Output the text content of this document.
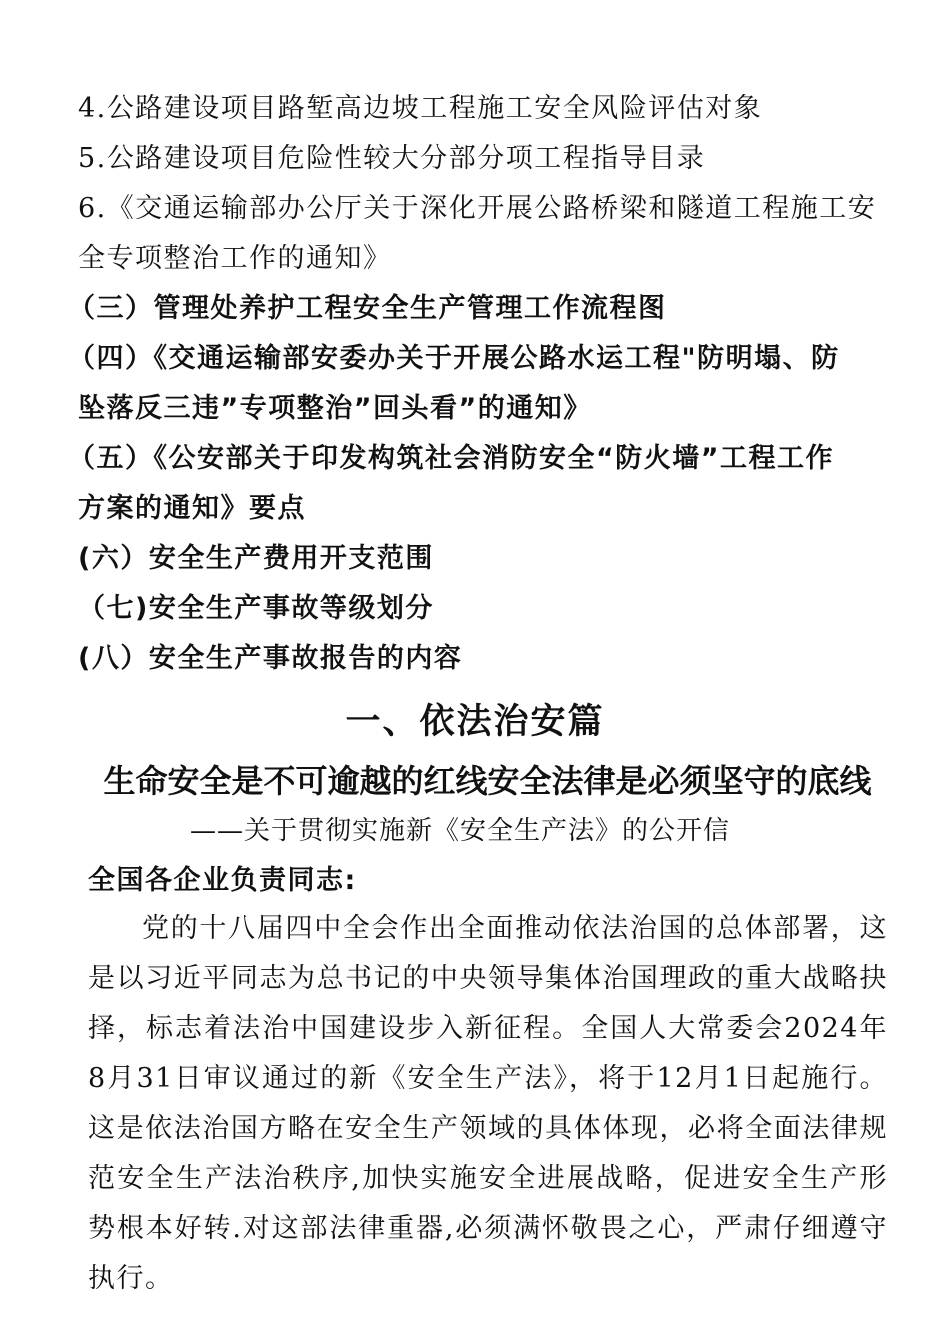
4.公路建设项目路堑高边坡工程施工安全风险评估对象
5.公路建设项目危险性较大分部分项工程指导目录
6.《交通运输部办公厅关于深化开展公路桥梁和隧道工程施工安
全专项整治工作的通知》
（三）管理处养护工程安全生产管理工作流程图
（四）《交通运输部安委办关于开展公路水运工程"防明塌、防
坠落反三违”专项整治”回头看”的通知》
（五）《公安部关于印发构筑社会消防安全“防火墙”工程工作
方案的通知》要点
(六）安全生产费用开支范围
（七)安全生产事故等级划分
(八）安全生产事故报告的内容
一、依法治安篇
生命安全是不可逾越的红线安全法律是必须坚守的底线
——关于贯彻实施新《安全生产法》的公开信
全国各企业负责同志:

党的十八届四中全会作出全面推动依法治国的总体部署，这是以习近平同志为总书记的中央领导集体治国理政的重大战略抉择，标志着法治中国建设步入新征程。全国人大常委会2024年8月31日审议通过的新《安全生产法》，将于12月1日起施行。这是依法治国方略在安全生产领域的具体体现，必将全面法律规范安全生产法治秩序,加快实施安全进展战略，促进安全生产形势根本好转.对这部法律重器,必须满怀敬畏之心，严肃仔细遵守执行。
